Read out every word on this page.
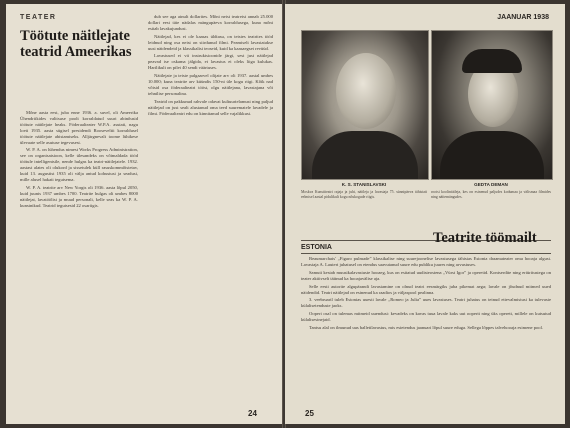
TEATER
Töötute näitlejate teatrid Ameerikas

Mõne aasta eest, juba enne 1936. a. suvel, oli Ameerika Ühendriikides valitsuse poolt korraldatud suuri abinõusid töötute näitlejate heaks. Föderaalteater W.P.A. asutati, nagu loeti 1935. aasta sügisel presidendi Rooseveltii korraldusel töötute näitlejate abistamiseks. Alljärgnevalt toome lühikese ülevaate selle asutuse tegevusest.

W. P. A. on lühendus nimest Works Progress Administration, see on organisatsioon, kelle ülesandeks on võimaldada tööd töötule intelligentsile, nende hulgas ka teatri-näitlejatele. 1932. aastast alates oli olukord ja sissetulek küll rasuskommõistetav, kuid 13. augustist 1935 oli välja antud kohustusi ja seadusi, mille alusel hakati tegutsema.

W. P. A. teatrite arv New Yorgis oli 1936. aasta lõpul 2050, kuid juunis 1937 umbes 1700. Teatrite hulgas oli umbes 8000 näitlejat, lavatöölist ja muud personali, kelle seas ka W. P. A. kunstnikud. Teatrid tegutsesid 22 osariigis.

dub see aga ainult dollarites. Mõni neist teatreist annab 25.000 dollari eest täie nädalas mängupäeva korraldusega, kuna mõni esitab lavakujundust.

Näitlejad, kes ei ole kaasas üldtasu, on teistes teatrites tööd leidnud ning osa neist on siirdunud filmi. Peamiselt lavastatakse uusi näidendeid ja klassikalisi teoseid, kuid ka kaasaegset revüüd.

Lavastused ei vii instruktsioonide järgi, sest just näitlejad peavad ise oskama jälgida, et lavastus ei oleks liiga kulukas. Harilikult on pilet 40 sendi väärtuses.

Näitlejate ja teiste palgaarvel olijate arv oli 1937. aastal umbes 10.000; kuna teatrite arv küündis 150-ni üle kogu riigi. Kõik nad võtsid osa föderaalteatri tööst, olgu näitlejana, lavastajana või tehnilise personalina.

Teatrid on pakkunud rahvale odavat kultuurielamust ning paljud näitlejad on just sealt alustanud oma teed suurematele lavadele ja filmi. Föderaalteatri edu on kinnitanud selle vajalikkust.

24
JAANUAR 1938
K. S. STANISLAVSKI
Moskva Kunstiteatri rajaja ja juhi, näitleja ja lavastaja 75. sünnipäeva tähistati eelmisel aastal pidulikult kogu nõukogude riigis.
GEDTA DEMAN
rootsi koolinäitleja, kes on esinenud paljudes kodumaa ja välismaa filmides ning näitemängudes.
ESTONIA
Teatrite töömailt

Beaumarchais' „Figaro pulmade” klassikalise ning suurejoonelise lavastusega tähistas Estonia draamateater oma hooaja algust. Lavastaja A. Lauteri juhatusel on etendus saavutanud suure edu publiku juures ning arvustuses.

Samuti kestab muusikalavastuste hooaeg, kus on esitatud uudisteostena „Vürst Igor” ja operetid. Kontserdite ning eriüritustega on teater aktiivselt täitnud ka hooajavälise aja.

Selle eesti autorite algupärandi lavastamine on olnud teatri eesmärgiks juba pikemat aega; lavale on jõudnud mitmed uued näidendid. Teatri näitlejad on esinenud ka raadios ja väljaspool pealinna.

3. veebruaril tuleb Estonias uuesti lavale „Romeo ja Julia” uues lavastuses. Teatri juhatus on teinud ettevalmistusi ka tulevaste külalisetenduste jaoks.

Ooperi osal on tulemas mitmeid uuendusi: kevadeks on kavas tuua lavale kaks uut ooperit ning üks operett, millele on kutsutud külalisesinejaid.

Tantsu alal on ilmunud uus balletilavastus, mis esietendus jaanuari lõpul suure eduga. Sellega lõppes talvehooaja esimene pool.

25
